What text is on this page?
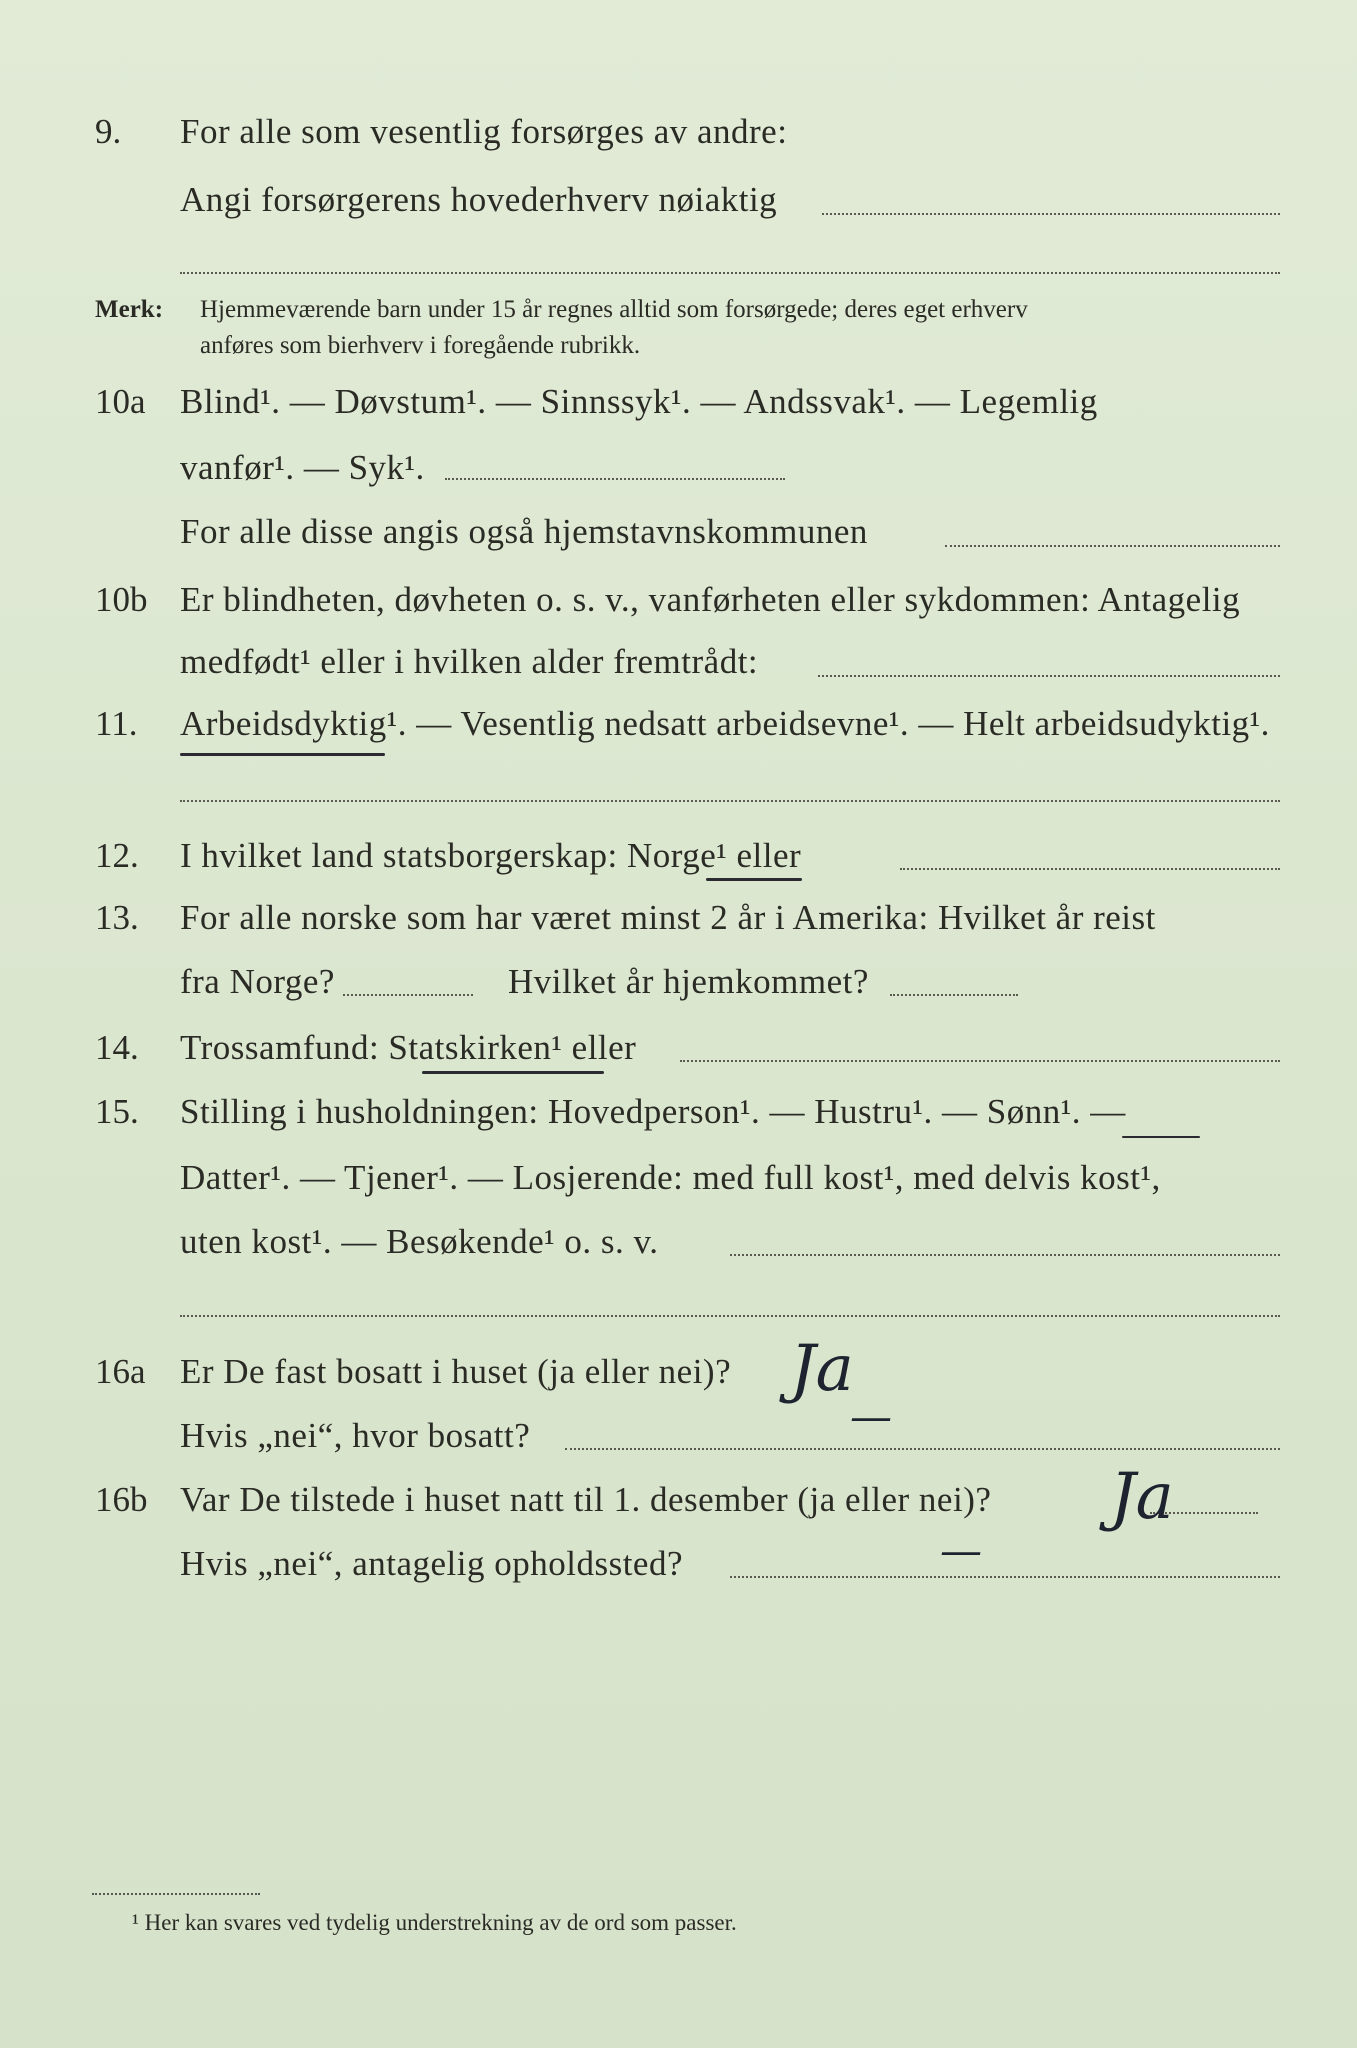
9. For alle som vesentlig forsørges av andre:
Angi forsørgerens hovederhverv nøiaktig
Merk: Hjemmeværende barn under 15 år regnes alltid som forsørgede; deres eget erhverv
anføres som bierhverv i foregående rubrikk.
10a Blind¹. — Døvstum¹. — Sinnssyk¹. — Andssvak¹. — Legemlig
vanfør¹. — Syk¹.
For alle disse angis også hjemstavnskommunen
10b Er blindheten, døvheten o. s. v., vanførheten eller sykdommen: Antagelig
medfødt¹ eller i hvilken alder fremtrådt:
11. Arbeidsdyktig¹. — Vesentlig nedsatt arbeidsevne¹. — Helt arbeidsudyktig¹.
12. I hvilket land statsborgerskap: Norge¹ eller
13. For alle norske som har været minst 2 år i Amerika: Hvilket år reist
fra Norge?	Hvilket år hjemkommet?
14. Trossamfund: Statskirken¹ eller
15. Stilling i husholdningen: Hovedperson¹. — Hustru¹. — Sønn¹. —
Datter¹. — Tjener¹. — Losjerende: med full kost¹, med delvis kost¹,
uten kost¹. — Besøkende¹ o. s. v.
16a Er De fast bosatt i huset (ja eller nei)? Ja
Hvis „nei“, hvor bosatt?	—
16b Var De tilstede i huset natt til 1. desember (ja eller nei)? Ja
Hvis „nei“, antagelig opholdssted?	—
¹ Her kan svares ved tydelig understrekning av de ord som passer.
